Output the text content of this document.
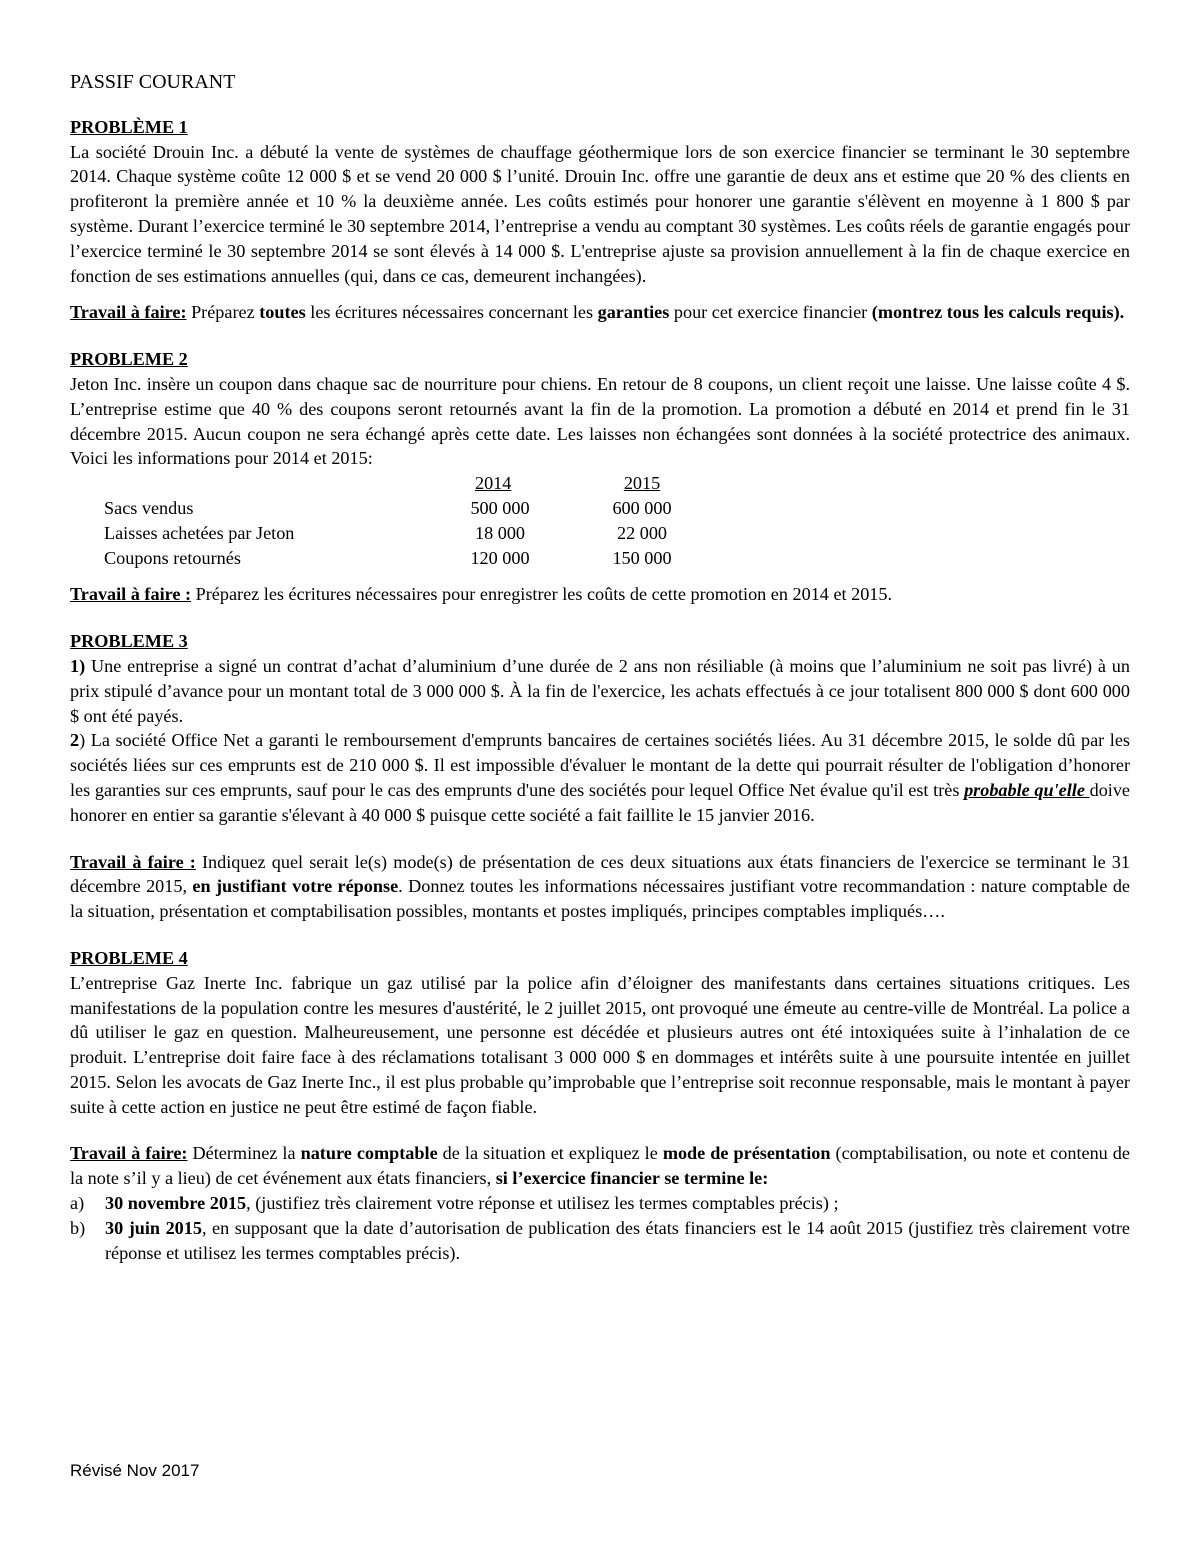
PASSIF COURANT
PROBLÈME 1

La société Drouin Inc. a débuté la vente de systèmes de chauffage géothermique lors de son exercice financier se terminant le 30 septembre 2014. Chaque système coûte 12 000 $ et se vend 20 000 $ l’unité. Drouin Inc. offre une garantie de deux ans et estime que 20 % des clients en profiteront la première année et 10 % la deuxième année. Les coûts estimés pour honorer une garantie s'élèvent en moyenne à 1 800 $ par système. Durant l’exercice terminé le 30 septembre 2014, l’entreprise a vendu au comptant 30 systèmes. Les coûts réels de garantie engagés pour l’exercice terminé le 30 septembre 2014 se sont élevés à 14 000 $. L'entreprise ajuste sa provision annuellement à la fin de chaque exercice en fonction de ses estimations annuelles (qui, dans ce cas, demeurent inchangées).

Travail à faire: Préparez toutes les écritures nécessaires concernant les garanties pour cet exercice financier (montrez tous les calculs requis).

PROBLEME 2

Jeton Inc. insère un coupon dans chaque sac de nourriture pour chiens. En retour de 8 coupons, un client reçoit une laisse. Une laisse coûte 4 $. L’entreprise estime que 40 % des coupons seront retournés avant la fin de la promotion. La promotion a débuté en 2014 et prend fin le 31 décembre 2015. Aucun coupon ne sera échangé après cette date. Les laisses non échangées sont données à la société protectrice des animaux. Voici les informations pour 2014 et 2015:

	2014	2015
Sacs vendus	500 000	600 000
Laisses achetées par Jeton	18 000	22 000
Coupons retournés	120 000	150 000

Travail à faire : Préparez les écritures nécessaires pour enregistrer les coûts de cette promotion en 2014 et 2015.

PROBLEME 3

1) Une entreprise a signé un contrat d’achat d’aluminium d’une durée de 2 ans non résiliable (à moins que l’aluminium ne soit pas livré) à un prix stipulé d’avance pour un montant total de 3 000 000 $. À la fin de l'exercice, les achats effectués à ce jour totalisent 800 000 $ dont 600 000 $ ont été payés.

2) La société Office Net a garanti le remboursement d'emprunts bancaires de certaines sociétés liées. Au 31 décembre 2015, le solde dû par les sociétés liées sur ces emprunts est de 210 000 $. Il est impossible d'évaluer le montant de la dette qui pourrait résulter de l'obligation d’honorer les garanties sur ces emprunts, sauf pour le cas des emprunts d'une des sociétés pour lequel Office Net évalue qu'il est très probable qu'elle doive honorer en entier sa garantie s'élevant à 40 000 $ puisque cette société a fait faillite le 15 janvier 2016.

Travail à faire : Indiquez quel serait le(s) mode(s) de présentation de ces deux situations aux états financiers de l'exercice se terminant le 31 décembre 2015, en justifiant votre réponse. Donnez toutes les informations nécessaires justifiant votre recommandation : nature comptable de la situation, présentation et comptabilisation possibles, montants et postes impliqués, principes comptables impliqués….

PROBLEME 4

L’entreprise Gaz Inerte Inc. fabrique un gaz utilisé par la police afin d’éloigner des manifestants dans certaines situations critiques. Les manifestations de la population contre les mesures d'austérité, le 2 juillet 2015, ont provoqué une émeute au centre-ville de Montréal. La police a dû utiliser le gaz en question. Malheureusement, une personne est décédée et plusieurs autres ont été intoxiquées suite à l’inhalation de ce produit. L’entreprise doit faire face à des réclamations totalisant 3 000 000 $ en dommages et intérêts suite à une poursuite intentée en juillet 2015. Selon les avocats de Gaz Inerte Inc., il est plus probable qu’improbable que l’entreprise soit reconnue responsable, mais le montant à payer suite à cette action en justice ne peut être estimé de façon fiable.

Travail à faire: Déterminez la nature comptable de la situation et expliquez le mode de présentation (comptabilisation, ou note et contenu de la note s’il y a lieu) de cet événement aux états financiers, si l’exercice financier se termine le:

a)	30 novembre 2015, (justifiez très clairement votre réponse et utilisez les termes comptables précis) ;
b)	30 juin 2015, en supposant que la date d’autorisation de publication des états financiers est le 14 août 2015 (justifiez très clairement votre réponse et utilisez les termes comptables précis).
Révisé Nov 2017
